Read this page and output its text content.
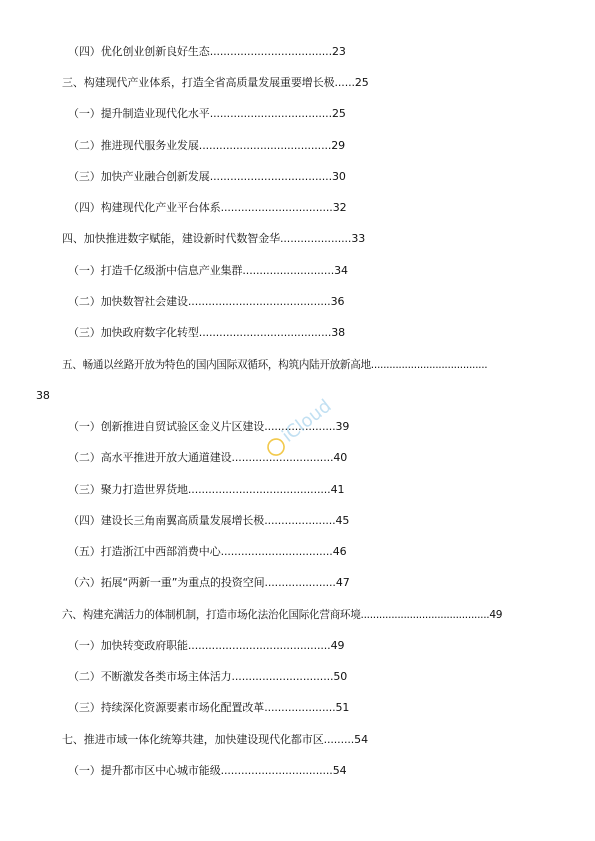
（四）优化创业创新良好生态....................................23
三、构建现代产业体系，打造全省高质量发展重要增长极......25
（一）提升制造业现代化水平....................................25
（二）推进现代服务业发展.......................................29
（三）加快产业融合创新发展....................................30
（四）构建现代化产业平台体系.................................32
四、加快推进数字赋能，建设新时代数智金华.....................33
（一）打造千亿级浙中信息产业集群...........................34
（二）加快数智社会建设..........................................36
（三）加快政府数字化转型.......................................38
五、畅通以丝路开放为特色的国内国际双循环，构筑内陆开放新高地......................................
38
（一）创新推进自贸试验区金义片区建设.....................39
（二）高水平推进开放大通道建设..............................40
（三）聚力打造世界货地..........................................41
（四）建设长三角南翼高质量发展增长极.....................45
（五）打造浙江中西部消费中心.................................46
（六）拓展“两新一重”为重点的投资空间.....................47
六、构建充满活力的体制机制，打造市场化法治化国际化营商环境..........................................49
（一）加快转变政府职能..........................................49
（二）不断激发各类市场主体活力..............................50
（三）持续深化资源要素市场化配置改革.....................51
七、推进市域一体化统筹共建，加快建设现代化都市区.........54
（一）提升都市区中心城市能级.................................54
iCloud
